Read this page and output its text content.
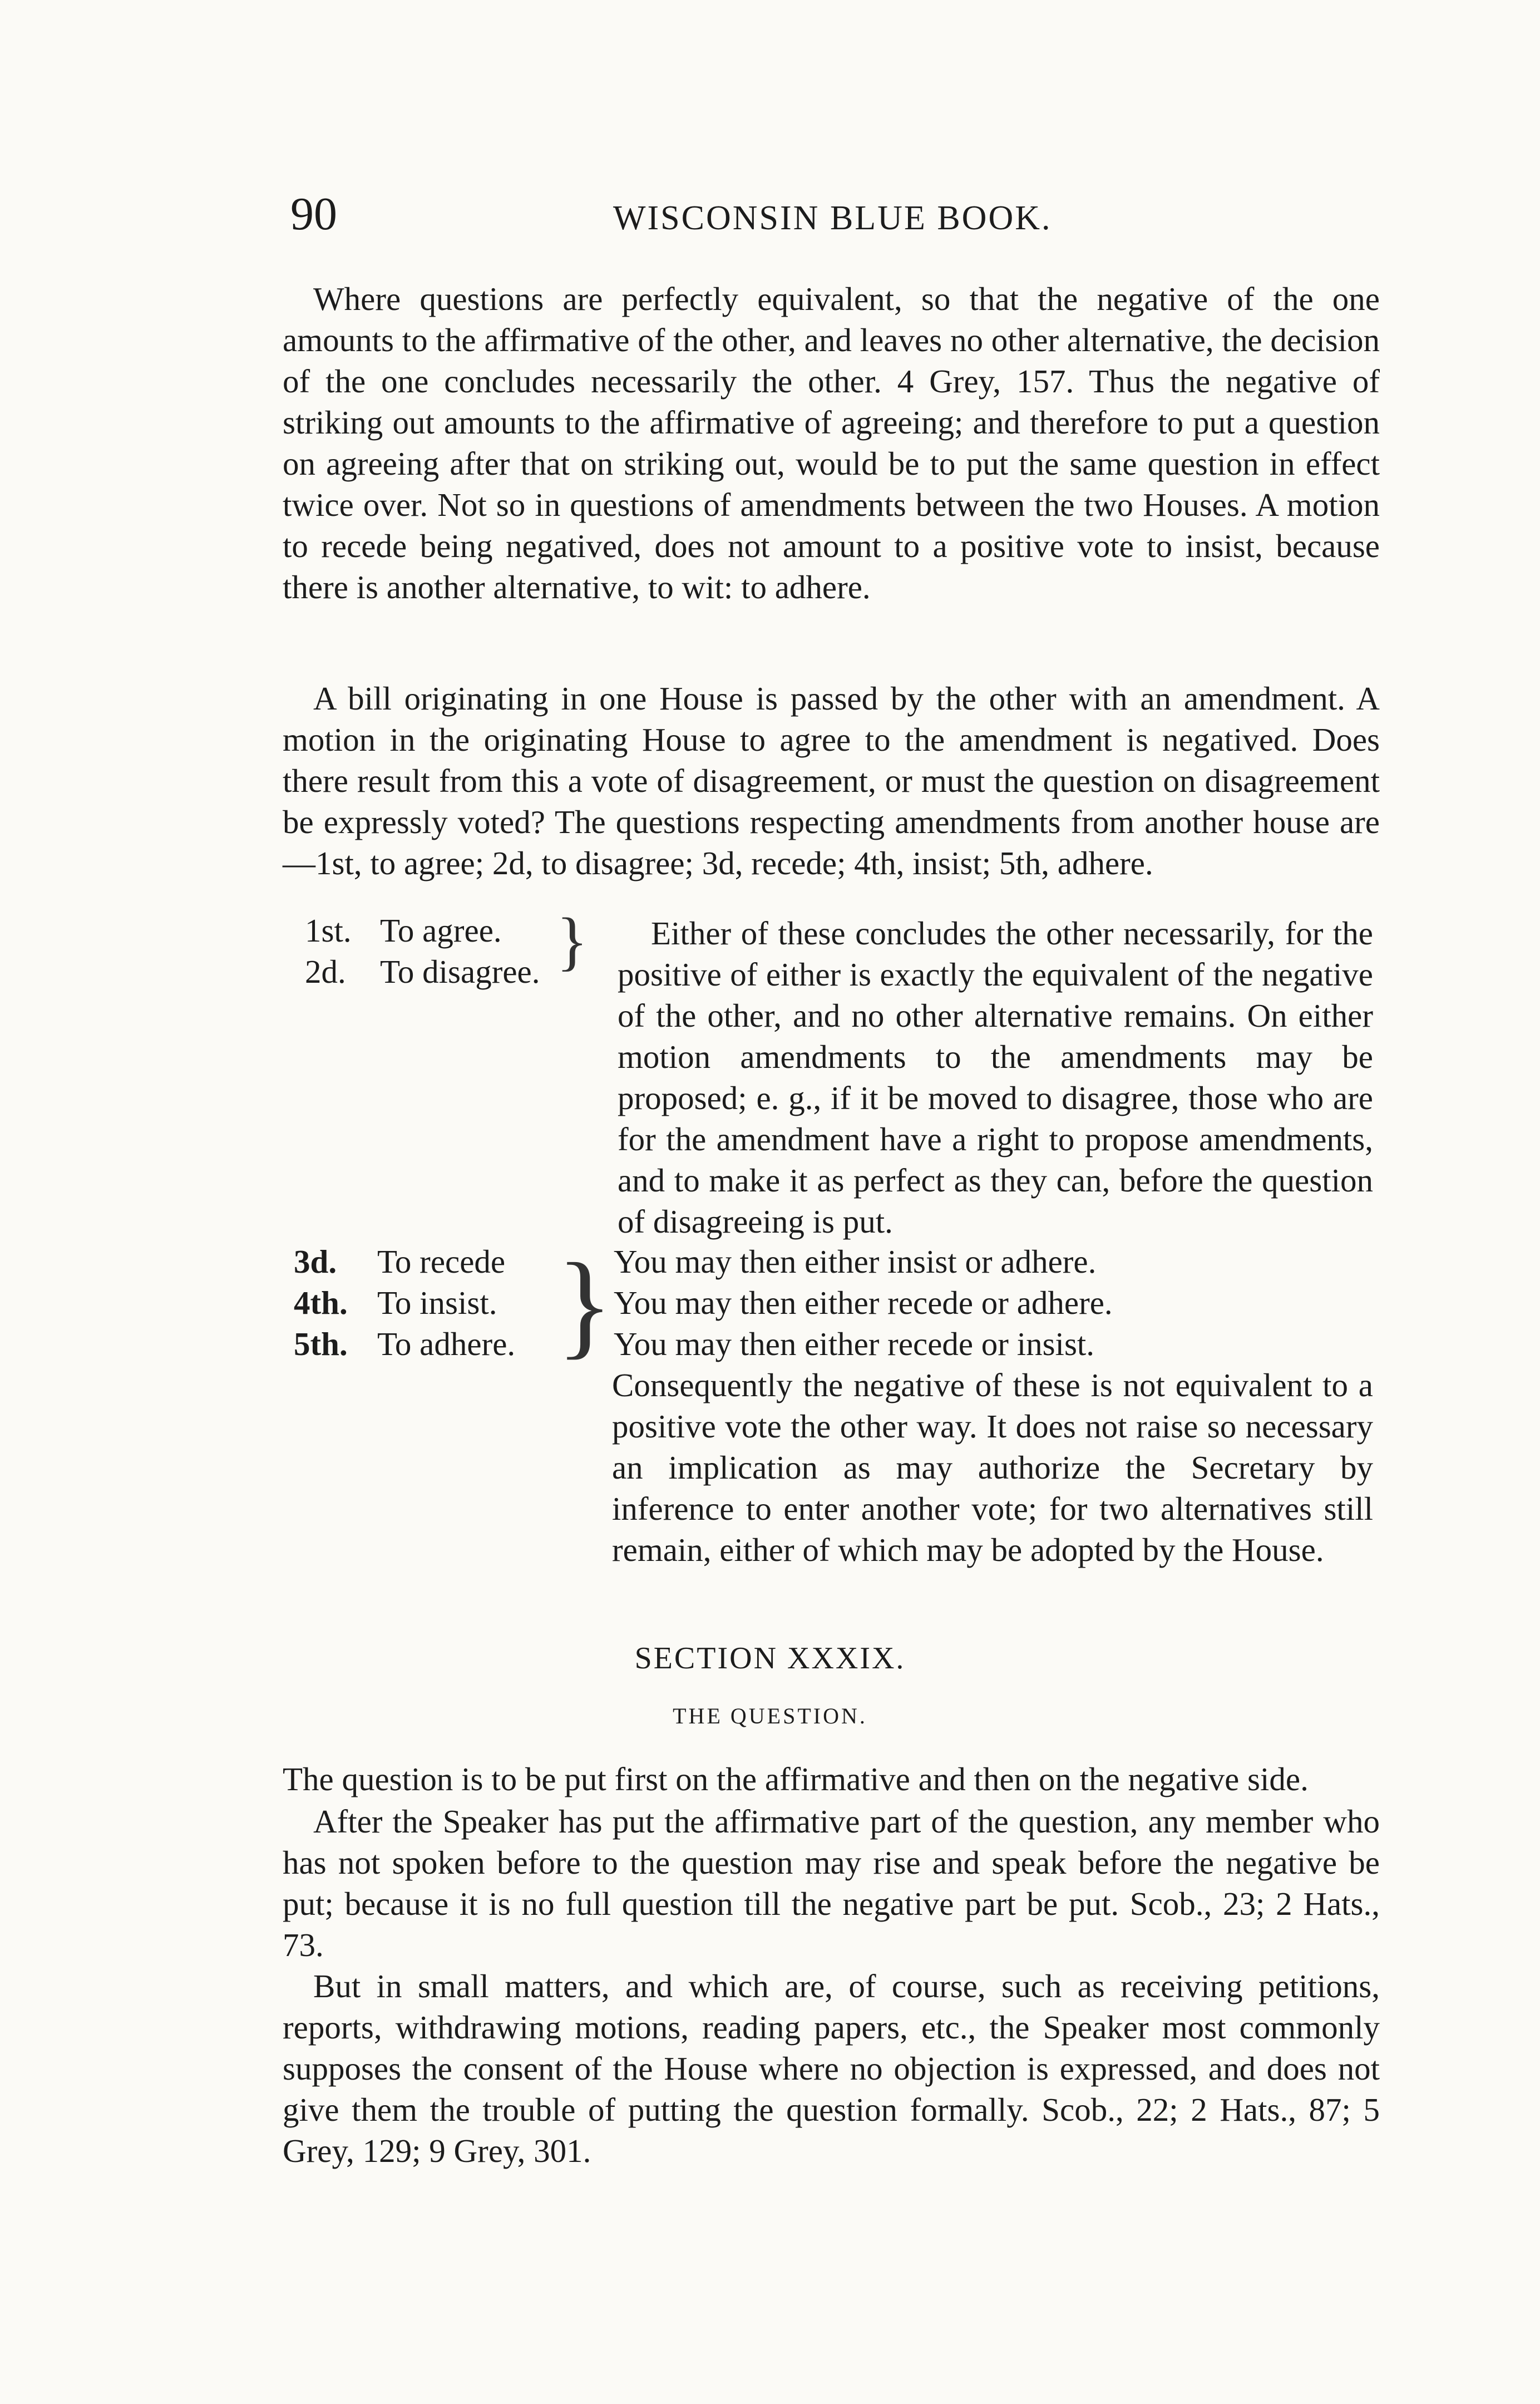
90	WISCONSIN BLUE BOOK.

Where questions are perfectly equivalent, so that the negative of the one amounts to the affirmative of the other, and leaves no other alternative, the decision of the one concludes necessarily the other. 4 Grey, 157. Thus the negative of striking out amounts to the affirmative of agreeing; and therefore to put a question on agreeing after that on striking out, would be to put the same question in effect twice over. Not so in questions of amendments between the two Houses. A motion to recede being negatived, does not amount to a positive vote to insist, because there is another alternative, to wit: to adhere.

A bill originating in one House is passed by the other with an amendment. A motion in the originating House to agree to the amendment is negatived. Does there result from this a vote of disagreement, or must the question on disagreement be expressly voted? The questions respecting amendments from another house are—1st, to agree; 2d, to disagree; 3d, recede; 4th, insist; 5th, adhere.

1st. To agree.
2d. To disagree. }	Either of these concludes the other necessarily, for the positive of either is exactly the equivalent of the negative of the other, and no other alternative remains. On either motion amendments to the amendments may be proposed; e. g., if it be moved to disagree, those who are for the amendment have a right to propose amendments, and to make it as perfect as they can, before the question of disagreeing is put.

3d. To recede	You may then either insist or adhere.
4th. To insist.	You may then either recede or adhere.
5th. To adhere.	You may then either recede or insist.
}

Consequently the negative of these is not equivalent to a positive vote the other way. It does not raise so necessary an implication as may authorize the Secretary by inference to enter another vote; for two alternatives still remain, either of which may be adopted by the House.

SECTION XXXIX.
THE QUESTION.

The question is to be put first on the affirmative and then on the negative side.

After the Speaker has put the affirmative part of the question, any member who has not spoken before to the question may rise and speak before the negative be put; because it is no full question till the negative part be put. Scob., 23; 2 Hats., 73.

But in small matters, and which are, of course, such as receiving petitions, reports, withdrawing motions, reading papers, etc., the Speaker most commonly supposes the consent of the House where no objection is expressed, and does not give them the trouble of putting the question formally. Scob., 22; 2 Hats., 87; 5 Grey, 129; 9 Grey, 301.
